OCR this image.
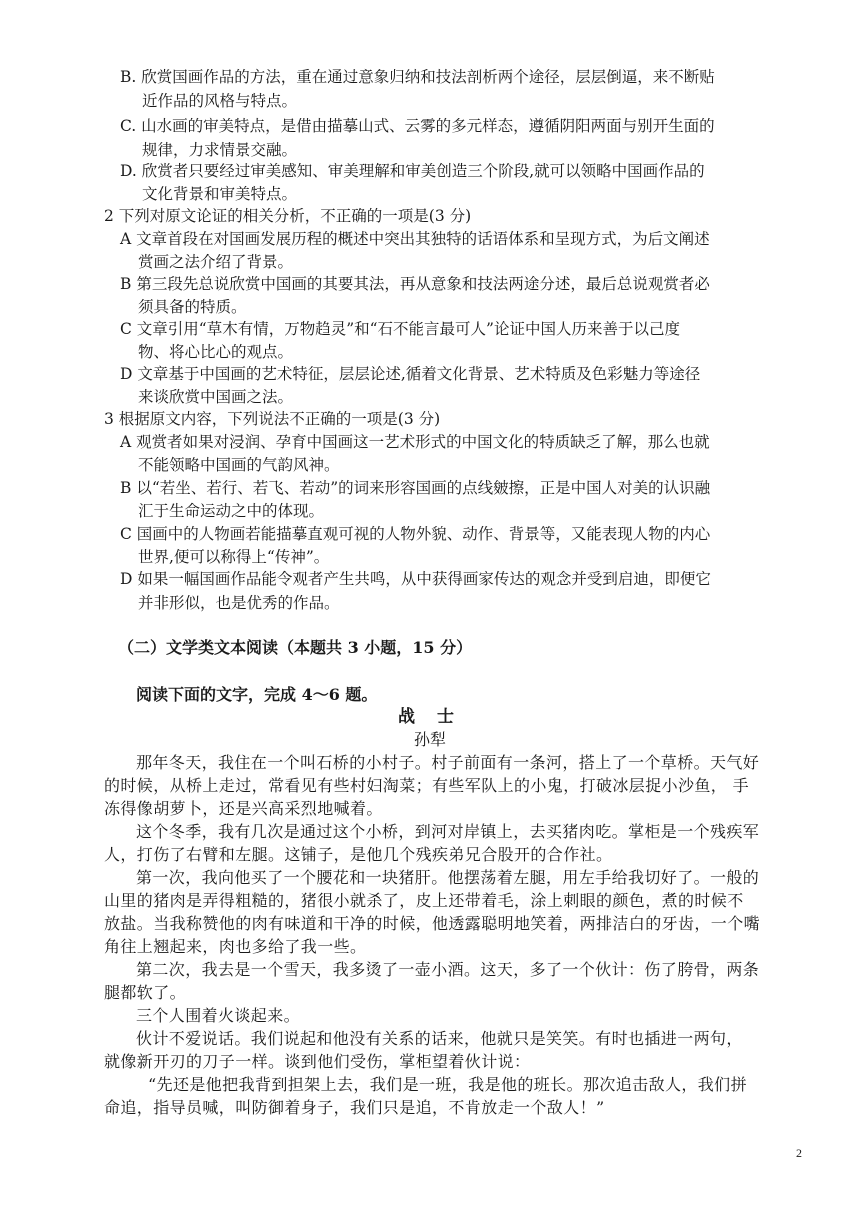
B. 欣赏国画作品的方法，重在通过意象归纳和技法剖析两个途径，层层倒逼，来不断贴
近作品的风格与特点。
C. 山水画的审美特点，是借由描摹山式、云雾的多元样态，遵循阴阳两面与别开生面的
规律，力求情景交融。
D. 欣赏者只要经过审美感知、审美理解和审美创造三个阶段,就可以领略中国画作品的
文化背景和审美特点。
2 下列对原文论证的相关分析，不正确的一项是(3 分)
A 文章首段在对国画发展历程的概述中突出其独特的话语体系和呈现方式，为后文阐述
赏画之法介绍了背景。
B 第三段先总说欣赏中国画的其要其法，再从意象和技法两途分述，最后总说观赏者必
须具备的特质。
C 文章引用“草木有情，万物趋灵”和“石不能言最可人”论证中国人历来善于以己度
物、将心比心的观点。
D 文章基于中国画的艺术特征，层层论述,循着文化背景、艺术特质及色彩魅力等途径
来谈欣赏中国画之法。
3 根据原文内容，下列说法不正确的一项是(3 分)
A 观赏者如果对浸润、孕育中国画这一艺术形式的中国文化的特质缺乏了解，那么也就
不能领略中国画的气韵风神。
B 以“若坐、若行、若飞、若动”的词来形容国画的点线皴擦，正是中国人对美的认识融
汇于生命运动之中的体现。
C 国画中的人物画若能描摹直观可视的人物外貌、动作、背景等，又能表现人物的内心
世界,便可以称得上“传神”。
D 如果一幅国画作品能令观者产生共鸣，从中获得画家传达的观念并受到启迪，即便它
并非形似，也是优秀的作品。
（二）文学类文本阅读（本题共 3 小题，15 分）
阅读下面的文字，完成 4～6 题。
战 士
孙犁
那年冬天，我住在一个叫石桥的小村子。村子前面有一条河，搭上了一个草桥。天气好
的时候，从桥上走过，常看见有些村妇淘菜；有些军队上的小鬼，打破冰层捉小沙鱼， 手
冻得像胡萝卜，还是兴高采烈地喊着。
这个冬季，我有几次是通过这个小桥，到河对岸镇上，去买猪肉吃。掌柜是一个残疾军
人，打伤了右臂和左腿。这铺子，是他几个残疾弟兄合股开的合作社。
第一次，我向他买了一个腰花和一块猪肝。他摆荡着左腿，用左手给我切好了。一般的
山里的猪肉是弄得粗糙的，猪很小就杀了，皮上还带着毛，涂上刺眼的颜色，煮的时候不
放盐。当我称赞他的肉有味道和干净的时候，他透露聪明地笑着，两排洁白的牙齿，一个嘴
角往上翘起来，肉也多给了我一些。
第二次，我去是一个雪天，我多烫了一壶小酒。这天，多了一个伙计：伤了胯骨，两条
腿都软了。
三个人围着火谈起来。
伙计不爱说话。我们说起和他没有关系的话来，他就只是笑笑。有时也插进一两句，
就像新开刃的刀子一样。谈到他们受伤，掌柜望着伙计说：
“先还是他把我背到担架上去，我们是一班，我是他的班长。那次追击敌人，我们拼
命追，指导员喊，叫防御着身子，我们只是追，不肯放走一个敌人！”
2
